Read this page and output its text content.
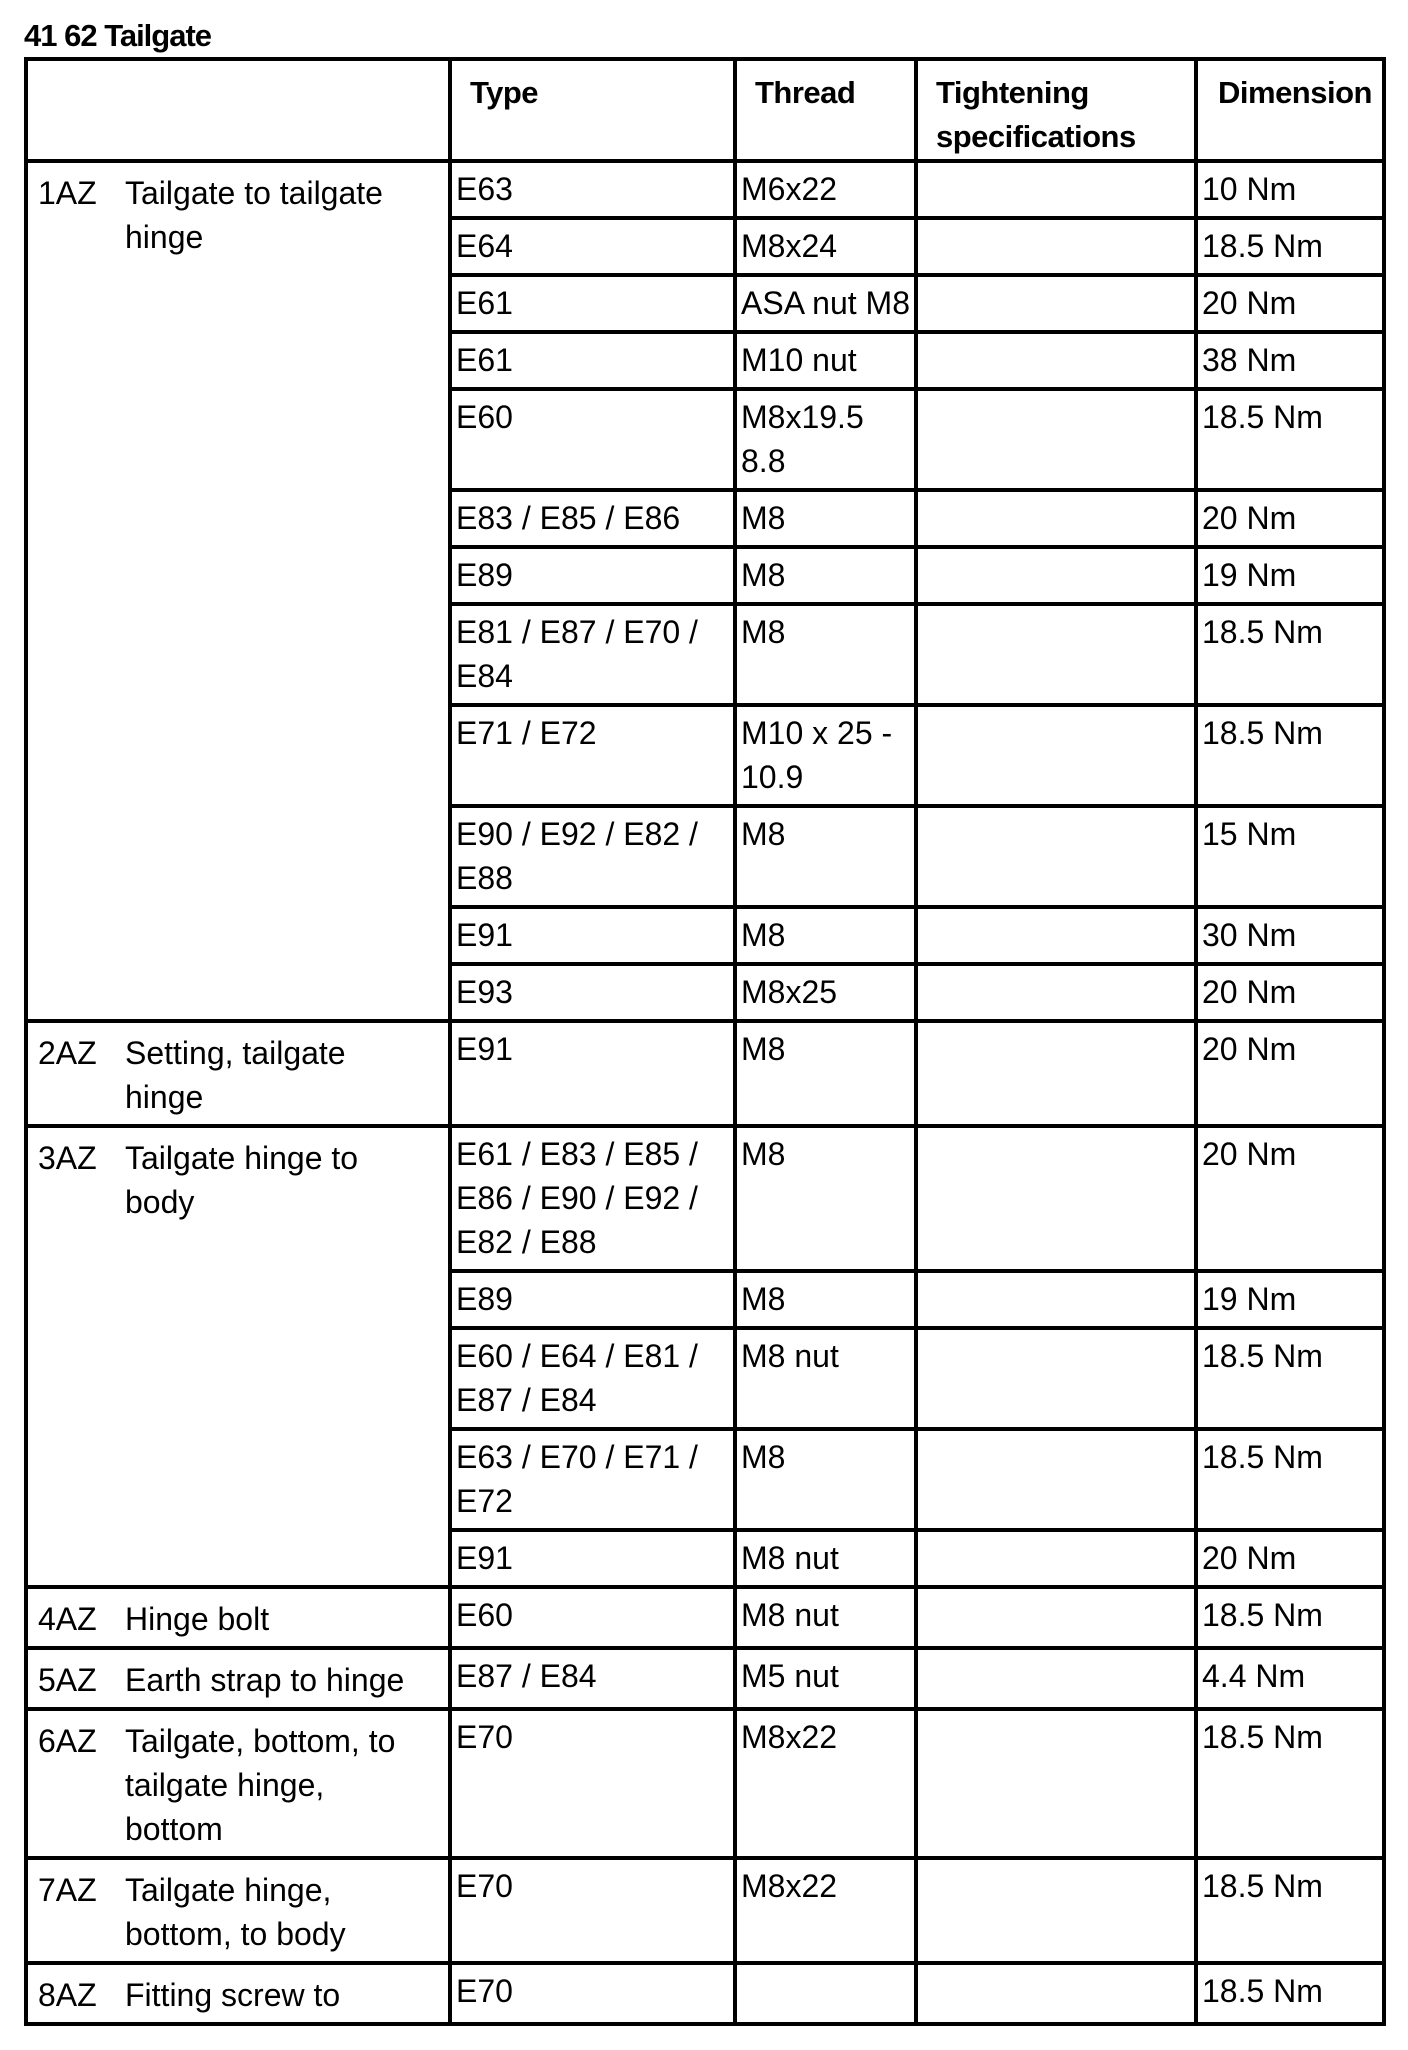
41 62 Tailgate
	Type	Thread	Tightening specifications	Dimension
1AZ Tailgate to tailgate hinge	E63	M6x22		10 Nm
	E64	M8x24		18.5 Nm
	E61	ASA nut M8		20 Nm
	E61	M10 nut		38 Nm
	E60	M8x19.5 8.8		18.5 Nm
	E83 / E85 / E86	M8		20 Nm
	E89	M8		19 Nm
	E81 / E87 / E70 / E84	M8		18.5 Nm
	E71 / E72	M10 x 25 - 10.9		18.5 Nm
	E90 / E92 / E82 / E88	M8		15 Nm
	E91	M8		30 Nm
	E93	M8x25		20 Nm
2AZ Setting, tailgate hinge	E91	M8		20 Nm
3AZ Tailgate hinge to body	E61 / E83 / E85 / E86 / E90 / E92 / E82 / E88	M8		20 Nm
	E89	M8		19 Nm
	E60 / E64 / E81 / E87 / E84	M8 nut		18.5 Nm
	E63 / E70 / E71 / E72	M8		18.5 Nm
	E91	M8 nut		20 Nm
4AZ Hinge bolt	E60	M8 nut		18.5 Nm
5AZ Earth strap to hinge	E87 / E84	M5 nut		4.4 Nm
6AZ Tailgate, bottom, to tailgate hinge, bottom	E70	M8x22		18.5 Nm
7AZ Tailgate hinge, bottom, to body	E70	M8x22		18.5 Nm
8AZ Fitting screw to	E70			18.5 Nm
